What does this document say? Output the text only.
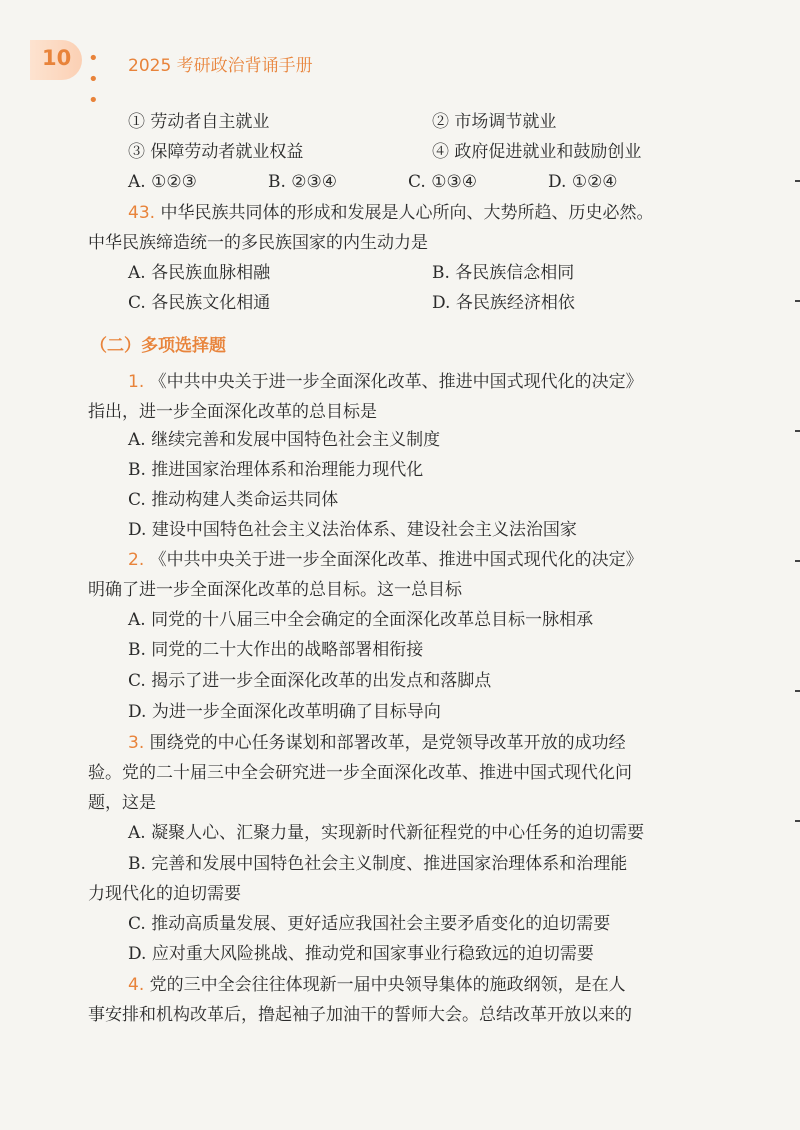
10 • • •
2025 考研政治背诵手册
① 劳动者自主就业	② 市场调节就业
③ 保障劳动者就业权益	④ 政府促进就业和鼓励创业
A. ①②③	B. ②③④	C. ①③④	D. ①②④
43. 中华民族共同体的形成和发展是人心所向、大势所趋、历史必然。
中华民族缔造统一的多民族国家的内生动力是
A. 各民族血脉相融	B. 各民族信念相同
C. 各民族文化相通	D. 各民族经济相依
（二）多项选择题
1. 《中共中央关于进一步全面深化改革、推进中国式现代化的决定》
指出，进一步全面深化改革的总目标是
A. 继续完善和发展中国特色社会主义制度
B. 推进国家治理体系和治理能力现代化
C. 推动构建人类命运共同体
D. 建设中国特色社会主义法治体系、建设社会主义法治国家
2. 《中共中央关于进一步全面深化改革、推进中国式现代化的决定》
明确了进一步全面深化改革的总目标。这一总目标
A. 同党的十八届三中全会确定的全面深化改革总目标一脉相承
B. 同党的二十大作出的战略部署相衔接
C. 揭示了进一步全面深化改革的出发点和落脚点
D. 为进一步全面深化改革明确了目标导向
3. 围绕党的中心任务谋划和部署改革，是党领导改革开放的成功经
验。党的二十届三中全会研究进一步全面深化改革、推进中国式现代化问
题，这是
A. 凝聚人心、汇聚力量，实现新时代新征程党的中心任务的迫切需要
B. 完善和发展中国特色社会主义制度、推进国家治理体系和治理能
力现代化的迫切需要
C. 推动高质量发展、更好适应我国社会主要矛盾变化的迫切需要
D. 应对重大风险挑战、推动党和国家事业行稳致远的迫切需要
4. 党的三中全会往往体现新一届中央领导集体的施政纲领，是在人
事安排和机构改革后，撸起袖子加油干的誓师大会。总结改革开放以来的
